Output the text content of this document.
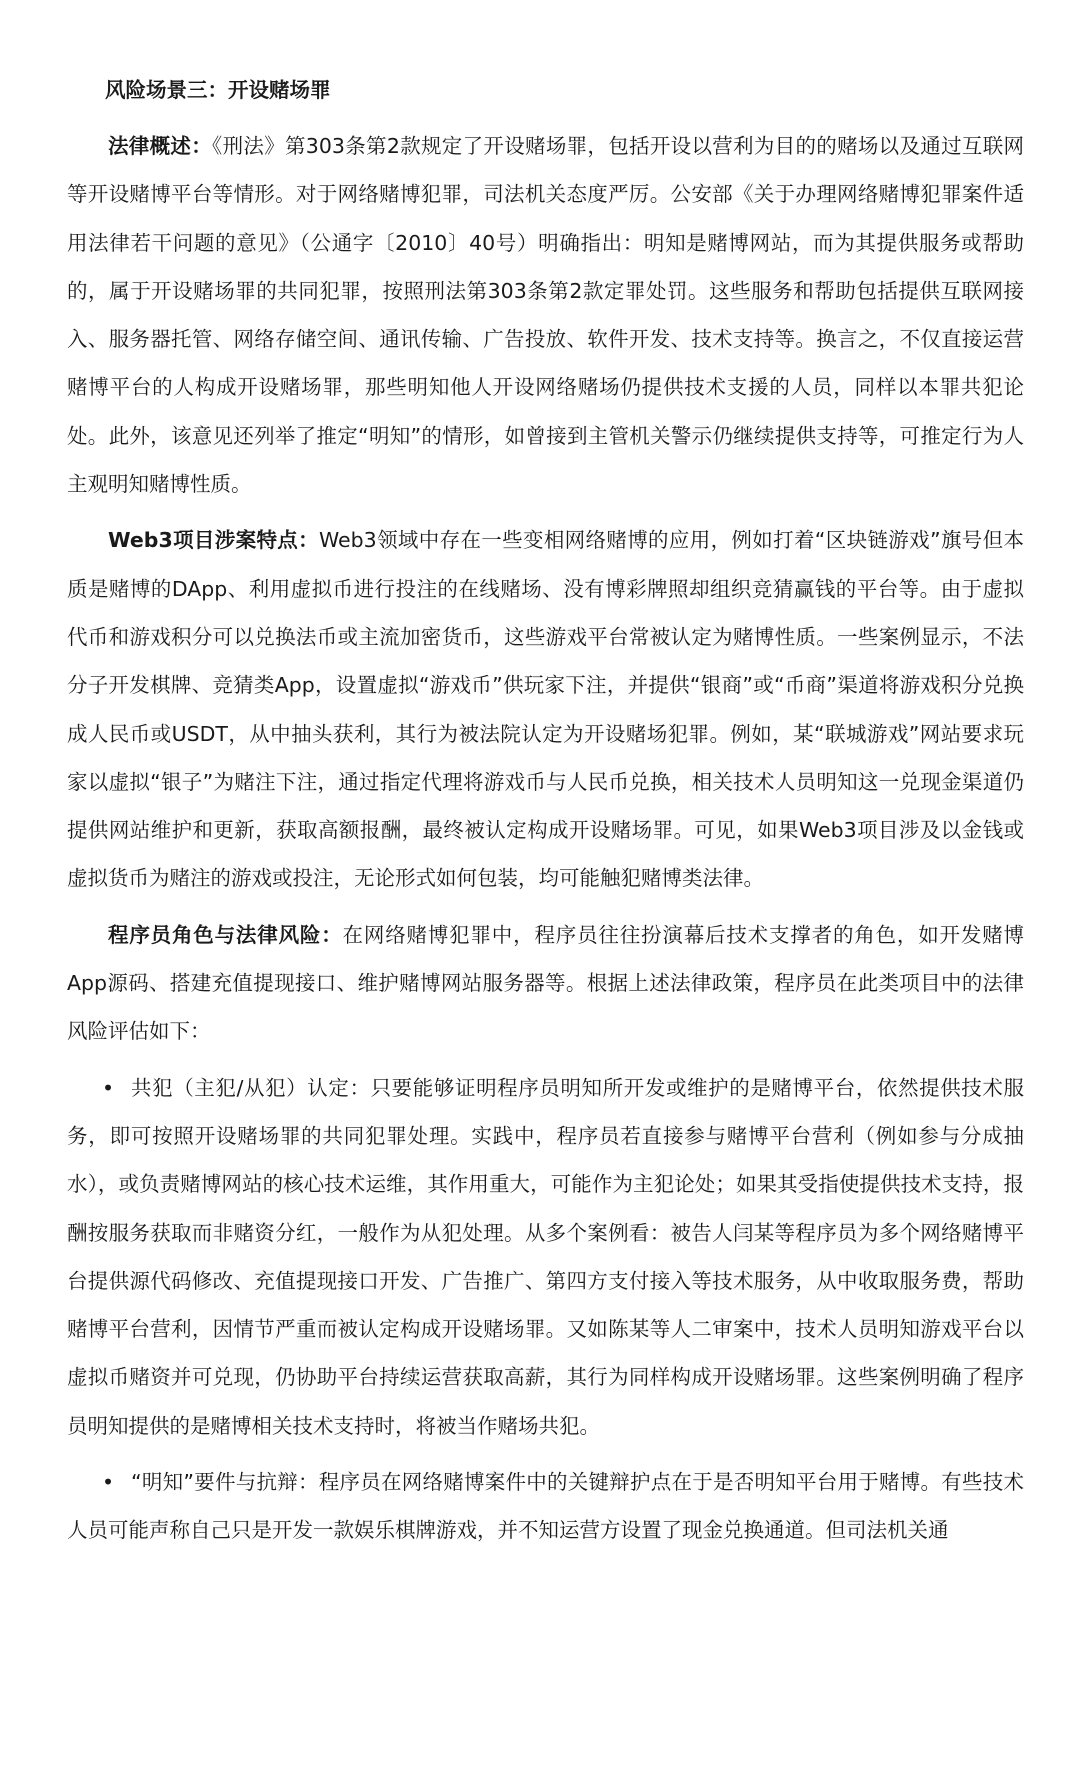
风险场景三：开设赌场罪

法律概述：《刑法》第303条第2款规定了开设赌场罪，包括开设以营利为目的的赌场以及通过互联网等开设赌博平台等情形。对于网络赌博犯罪，司法机关态度严厉。公安部《关于办理网络赌博犯罪案件适用法律若干问题的意见》（公通字〔2010〕40号）明确指出：明知是赌博网站，而为其提供服务或帮助的，属于开设赌场罪的共同犯罪，按照刑法第303条第2款定罪处罚。这些服务和帮助包括提供互联网接入、服务器托管、网络存储空间、通讯传输、广告投放、软件开发、技术支持等。换言之，不仅直接运营赌博平台的人构成开设赌场罪，那些明知他人开设网络赌场仍提供技术支援的人员，同样以本罪共犯论处。此外，该意见还列举了推定“明知”的情形，如曾接到主管机关警示仍继续提供支持等，可推定行为人主观明知赌博性质。

Web3项目涉案特点：Web3领域中存在一些变相网络赌博的应用，例如打着“区块链游戏”旗号但本质是赌博的DApp、利用虚拟币进行投注的在线赌场、没有博彩牌照却组织竞猜赢钱的平台等。由于虚拟代币和游戏积分可以兑换法币或主流加密货币，这些游戏平台常被认定为赌博性质。一些案例显示，不法分子开发棋牌、竞猜类App，设置虚拟“游戏币”供玩家下注，并提供“银商”或“币商”渠道将游戏积分兑换成人民币或USDT，从中抽头获利，其行为被法院认定为开设赌场犯罪。例如，某“联城游戏”网站要求玩家以虚拟“银子”为赌注下注，通过指定代理将游戏币与人民币兑换，相关技术人员明知这一兑现金渠道仍提供网站维护和更新，获取高额报酬，最终被认定构成开设赌场罪。可见，如果Web3项目涉及以金钱或虚拟货币为赌注的游戏或投注，无论形式如何包装，均可能触犯赌博类法律。

程序员角色与法律风险：在网络赌博犯罪中，程序员往往扮演幕后技术支撑者的角色，如开发赌博App源码、搭建充值提现接口、维护赌博网站服务器等。根据上述法律政策，程序员在此类项目中的法律风险评估如下：

• 共犯（主犯/从犯）认定：只要能够证明程序员明知所开发或维护的是赌博平台，依然提供技术服务，即可按照开设赌场罪的共同犯罪处理。实践中，程序员若直接参与赌博平台营利（例如参与分成抽水），或负责赌博网站的核心技术运维，其作用重大，可能作为主犯论处；如果其受指使提供技术支持，报酬按服务获取而非赌资分红，一般作为从犯处理。从多个案例看：被告人闫某等程序员为多个网络赌博平台提供源代码修改、充值提现接口开发、广告推广、第四方支付接入等技术服务，从中收取服务费，帮助赌博平台营利，因情节严重而被认定构成开设赌场罪。又如陈某等人二审案中，技术人员明知游戏平台以虚拟币赌资并可兑现，仍协助平台持续运营获取高薪，其行为同样构成开设赌场罪。这些案例明确了程序员明知提供的是赌博相关技术支持时，将被当作赌场共犯。
• “明知”要件与抗辩：程序员在网络赌博案件中的关键辩护点在于是否明知平台用于赌博。有些技术人员可能声称自己只是开发一款娱乐棋牌游戏，并不知运营方设置了现金兑换通道。但司法机关通
